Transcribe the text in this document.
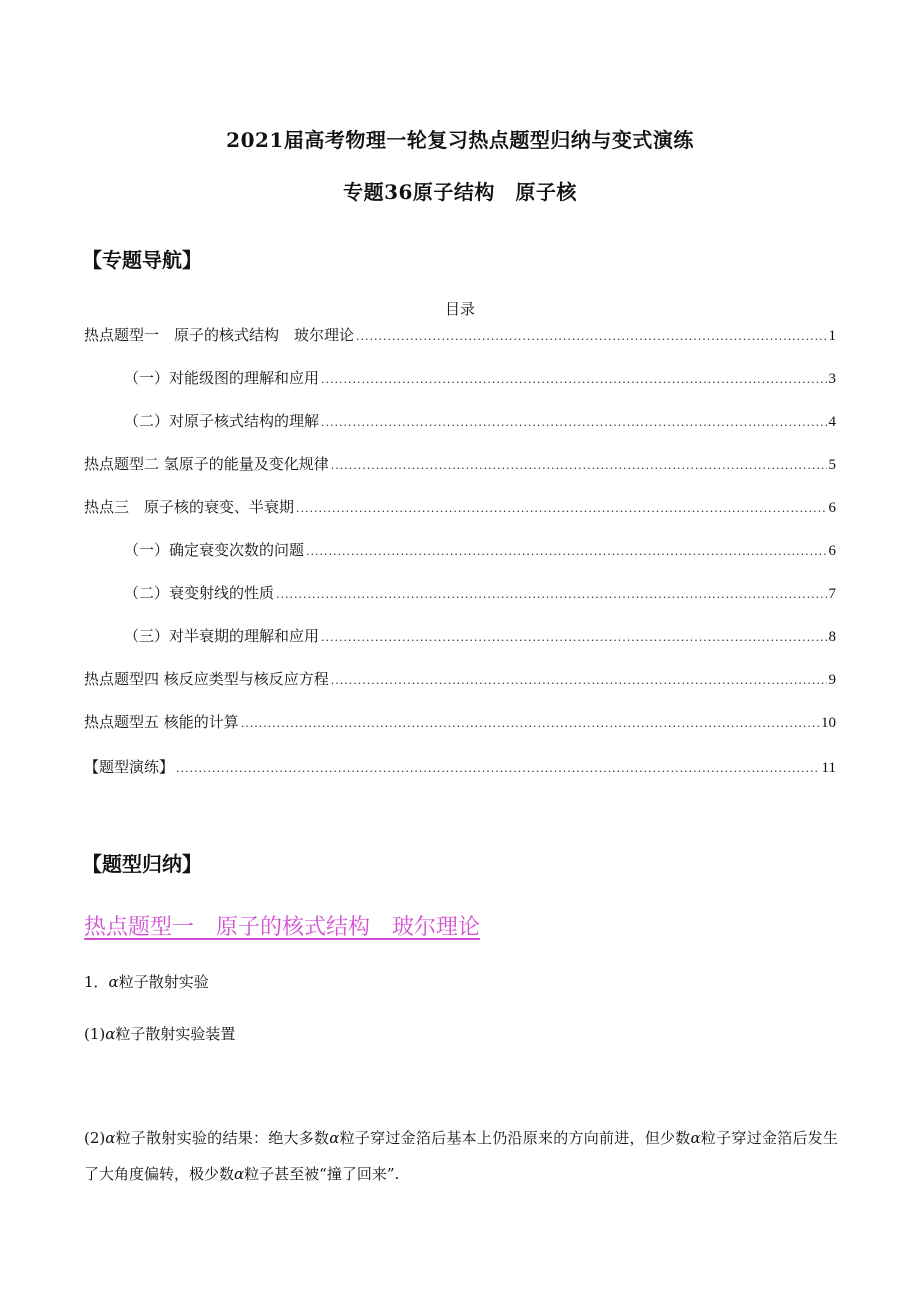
2021届高考物理一轮复习热点题型归纳与变式演练
专题36原子结构　原子核
【专题导航】
目录
热点题型一　原子的核式结构　玻尔理论 .....	1
（一）对能级图的理解和应用 .....	3
（二）对原子核式结构的理解 .....	4
热点题型二 氢原子的能量及变化规律 .....	5
热点三　原子核的衰变、半衰期 .....	6
（一）确定衰变次数的问题 .....	6
（二）衰变射线的性质 .....	7
（三）对半衰期的理解和应用 .....	8
热点题型四 核反应类型与核反应方程 .....	9
热点题型五 核能的计算 .....	10
【题型演练】 .....	11
【题型归纳】
热点题型一　原子的核式结构　玻尔理论
1．α粒子散射实验
(1)α粒子散射实验装置
(2)α粒子散射实验的结果：绝大多数α粒子穿过金箔后基本上仍沿原来的方向前进，但少数α粒子穿过金箔后发生了大角度偏转，极少数α粒子甚至被“撞了回来”.
